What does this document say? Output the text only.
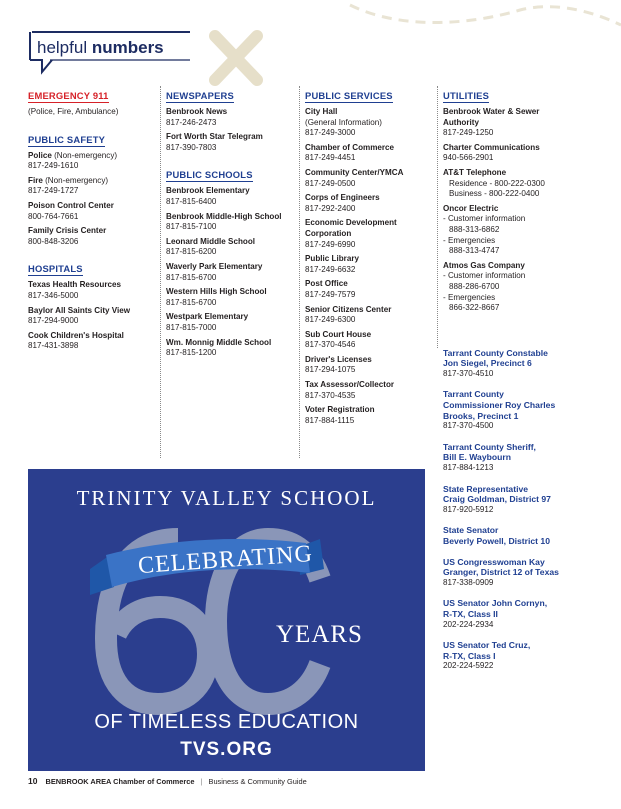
helpful numbers
EMERGENCY 911
(Police, Fire, Ambulance)
PUBLIC SAFETY
Police (Non-emergency)
817-249-1610
Fire (Non-emergency)
817-249-1727
Poison Control Center
800-764-7661
Family Crisis Center
800-848-3206
HOSPITALS
Texas Health Resources
817-346-5000
Baylor All Saints City View
817-294-9000
Cook Children's Hospital
817-431-3898
NEWSPAPERS
Benbrook News
817-246-2473
Fort Worth Star Telegram
817-390-7803
PUBLIC SCHOOLS
Benbrook Elementary
817-815-6400
Benbrook Middle-High School
817-815-7100
Leonard Middle School
817-815-6200
Waverly Park Elementary
817-815-6700
Western Hills High School
817-815-6700
Westpark Elementary
817-815-7000
Wm. Monnig Middle School
817-815-1200
PUBLIC SERVICES
City Hall
(General Information)
817-249-3000
Chamber of Commerce
817-249-4451
Community Center/YMCA
817-249-0500
Corps of Engineers
817-292-2400
Economic Development Corporation
817-249-6990
Public Library
817-249-6632
Post Office
817-249-7579
Senior Citizens Center
817-249-6300
Sub Court House
817-370-4546
Driver's Licenses
817-294-1075
Tax Assessor/Collector
817-370-4535
Voter Registration
817-884-1115
UTILITIES
Benbrook Water & Sewer Authority
817-249-1250
Charter Communications
940-566-2901
AT&T Telephone
Residence - 800-222-0300
Business - 800-222-0400
Oncor Electric
- Customer information
888-313-6862
- Emergencies
888-313-4747
Atmos Gas Company
- Customer information
888-286-6700
- Emergencies
866-322-8667
Tarrant County Constable
Jon Siegel, Precinct 6
817-370-4510
Tarrant County
Commissioner Roy Charles
Brooks, Precinct 1
817-370-4500
Tarrant County Sheriff,
Bill E. Waybourn
817-884-1213
State Representative
Craig Goldman, District 97
817-920-5912
State Senator
Beverly Powell, District 10
US Congresswoman Kay
Granger, District 12 of Texas
817-338-0909
US Senator John Cornyn,
R-TX, Class II
202-224-2934
US Senator Ted Cruz,
R-TX, Class I
202-224-5922
TRINITY VALLEY SCHOOL
CELEBRATING
YEARS
OF TIMELESS EDUCATION
TVS.ORG
10 BENBROOK AREA Chamber of Commerce | Business & Community Guide
